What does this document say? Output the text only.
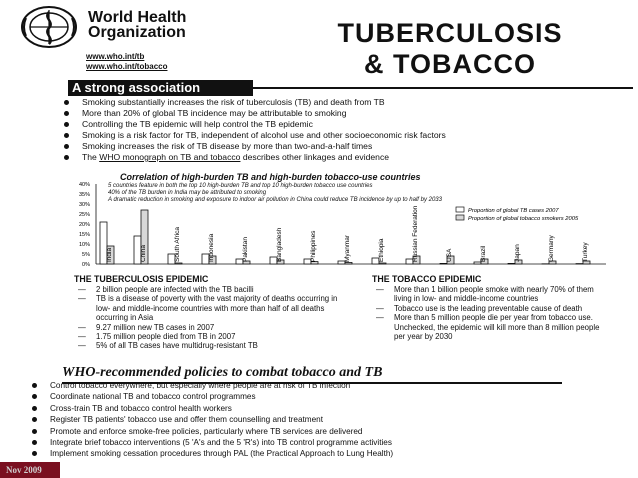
World Health
Organization
www.who.int/tb
www.who.int/tobacco
TUBERCULOSIS
& TOBACCO
A strong association
Smoking substantially increases the risk of tuberculosis (TB) and death from TB
More than 20% of global TB incidence may be attributable to smoking
Controlling the TB epidemic will help control the TB epidemic
Smoking is a risk factor for TB, independent of alcohol use and other socioeconomic risk factors
Smoking increases the risk of TB disease by more than two-and-a-half times
The WHO monograph on TB and tobacco describes other linkages and evidence
Correlation of high-burden TB and high-burden tobacco-use countries
5 countries feature in both the top 10 high-burden TB and top 10 high-burden tobacco use countries
40% of the TB burden in India may be attributed to smoking
A dramatic reduction in smoking and exposure to indoor air pollution in China could reduce TB incidence by up to half by 2033
40%
35%
30%
25%
20%
15%
10%
5%
0%
India	China	South Africa	Indonesia	Pakistan	Bangladesh	Philippines	Myanmar	Ethiopia	Russian Federation	USA	Brazil	Japan	Germany	Turkey
Proportion of global TB cases 2007
Proportion of global tobacco smokers 2005
THE TUBERCULOSIS EPIDEMIC
— 2 billion people are infected with the TB bacilli
— TB is a disease of poverty with the vast majority of deaths occurring in low- and middle-income countries with more than half of all deaths occurring in Asia
— 9.27 million new TB cases in 2007
— 1.75 million people died from TB in 2007
— 5% of all TB cases have multidrug-resistant TB
THE TOBACCO EPIDEMIC
— More than 1 billion people smoke with nearly 70% of them living in low- and middle-income countries
— Tobacco use is the leading preventable cause of death
— More than 5 million people die per year from tobacco use. Unchecked, the epidemic will kill more than 8 million people per year by 2030
WHO-recommended policies to combat tobacco and TB
Control tobacco everywhere, but especially where people are at risk of TB infection
Coordinate national TB and tobacco control programmes
Cross-train TB and tobacco control health workers
Register TB patients' tobacco use and offer them counselling and treatment
Promote and enforce smoke-free policies, particularly where TB services are delivered
Integrate brief tobacco interventions (5 'A's and the 5 'R's) into TB control programme activities
Implement smoking cessation procedures through PAL (the Practical Approach to Lung Health)
Nov 2009
